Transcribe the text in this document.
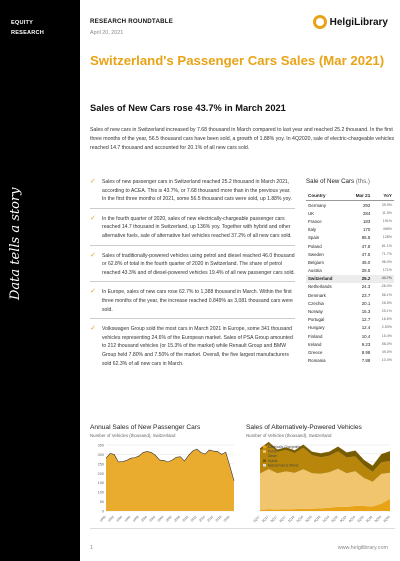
EQUITY
RESEARCH
Data tells a story
RESEARCH ROUNDTABLE
April 20, 2021
HelgiLibrary
Switzerland's Passenger Cars Sales (Mar 2021)
Sales of New Cars rose 43.7% in March 2021

Sales of new cars in Switzerland increased by 7.68 thousand in March compared to last year and reached 25.2 thousand. In the first three months of the year, 56.5 thousand cars have been sold, a growth of 1.88% yoy. In 4Q2020, sale of electric-chargeable vehicles reached 14.7 thousand and accounted for 20.1% of all new cars sold.

✓ Sales of new passenger cars in Switzerland reached 25.2 thousand in March 2021, according to ACEA. This is 43.7%, or 7.68 thousand more than in the previous year. In the first three months of 2021, some 56.5 thousand cars were sold, up 1.88% yoy.
✓ In the fourth quarter of 2020, sales of new electrically-chargeable passenger cars reached 14.7 thousand in Switzerland, up 136% yoy. Together with hybrid and other alternative fuels, sale of alternative fuel vehicles reached 37.2% of all new cars sold.
✓ Sales of traditionally-powered vehicles using petrol and diesel reached 46.0 thousand or 62.8% of total in the fourth quarter of 2020 in Switzerland. The share of petrol reached 43.3% and of diesel-powered vehicles 19.4% of all new passenger cars sold.
✓ In Europe, sales of new cars rose 62.7% to 1,388 thousand in March. Within the first three months of the year, the increase reached 0.849% as 3,081 thousand cars were sold.
✓ Volkswagen Group sold the most cars in March 2021 in Europe, some 341 thousand vehicles representing 24.6% of the European market. Sales of PSA Group amounted to 212 thousand vehicles (or 15.3% of the market) while Renault Group and BMW Group held 7.80% and 7.50% of the market. Overall, the five largest manufacturers sold 62.3% of all new cars in March.
Sale of New Cars (ths.)
Country	Mar 21	YoY
Germany	292	35.9%
UK	284	11.5%
France	183	191%
Italy	170	498%
Spain	85.8	128%
Poland	47.8	81.1%
Sweden	47.5	71.7%
Belgium	45.0	96.0%
Austria	28.5	171%
Switzerland	25.2	43.7%
Netherlands	24.3	-26.0%
Denmark	23.7	56.1%
Czechia	20.1	26.5%
Norway	15.3	25.1%
Portugal	12.7	16.6%
Hungary	12.4	2.53%
Finland	10.4	15.4%
Ireland	9.23	56.0%
Greece	8.98	49.0%
Romania	7.88	10.0%
Annual Sales of New Passenger Cars
Number of Vehicles (thousand), Switzerland
0
50
100
150
200
250
300
350
1990 1992 1994 1996 1998 2000 2002 2004 2006 2008 2010 2012 2014 2016 2018 2020
Sales of Alternatively-Powered Vehicles
Number of Vehicles (thousand), Switzerland
Electrically-Chargeable
Petrol
Diesel
Hybrid
Natural Gas & Others
1Q17 2Q17 3Q17 4Q17 1Q18 2Q18 3Q18 4Q18 1Q19 2Q19 3Q19 4Q19 1Q20 2Q20 3Q20 4Q20
1	www.helgilibrary.com
